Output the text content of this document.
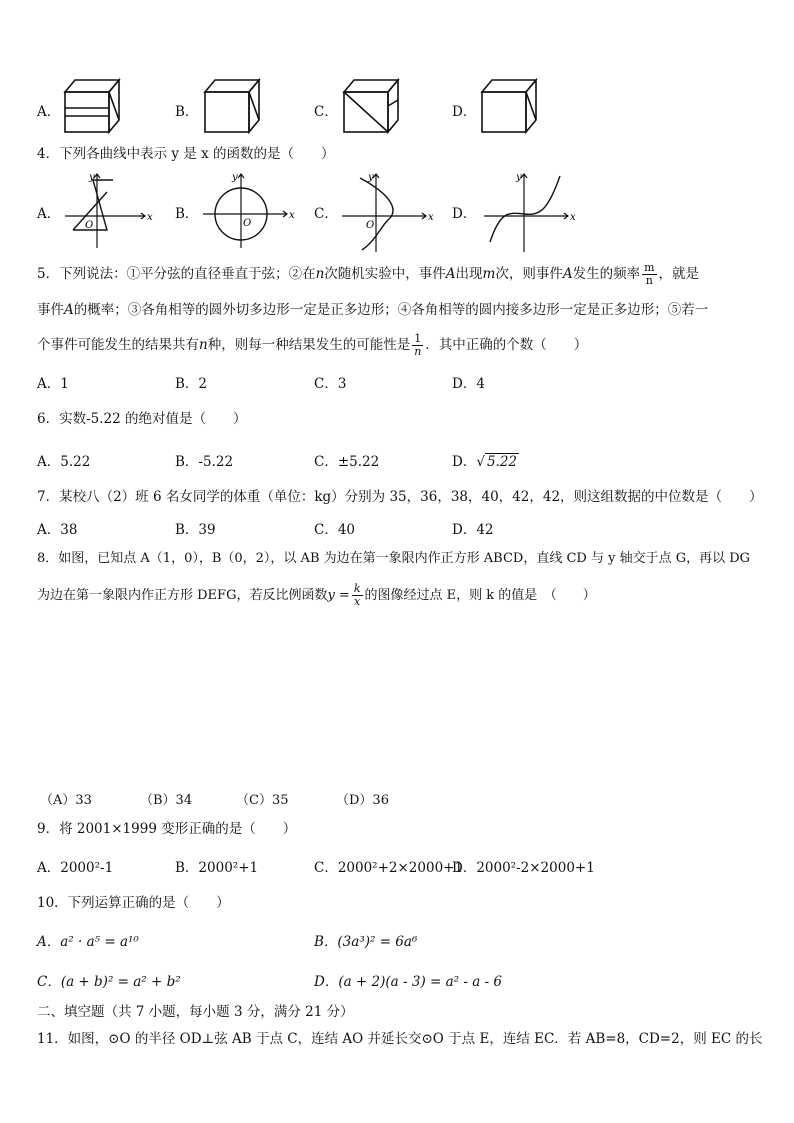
A．	B．	C．	D．
4．下列各曲线中表示 y 是 x 的函数的是（　　）
A．	x
y
O
B．	x
y
O
C．	x
y
O
D．	x
y
5．下列说法：①平分弦的直径垂直于弦；②在n次随机实验中，事件A出现m次，则事件A发生的频率 $\frac{m}{n}$ ，就是
事件A的概率；③各角相等的圆外切多边形一定是正多边形；④各角相等的圆内接多边形一定是正多边形；⑤若一
个事件可能发生的结果共有n种，则每一种结果发生的可能性是 $\frac{1}{n}$ ．其中正确的个数（　　）
A．1	B．2	C．3	D．4
6．实数-5.22 的绝对值是（　　）
A．5.22	B．-5.22	C．±5.22	D．√ 5.22
7．某校八（2）班 6 名女同学的体重（单位：kg）分别为 35，36，38，40，42，42，则这组数据的中位数是（　　）
A．38	B．39	C．40	D．42
8．如图，已知点 A（1，0），B（0，2），以 AB 为边在第一象限内作正方形 ABCD，直线 CD 与 y 轴交于点 G，再以 DG
为边在第一象限内作正方形 DEFG，若反比例函数$y = \frac{k}{x}$ 的图像经过点 E，则 k 的值是　（　　）
（A）33	（B）34	（C）35	（D）36
9．将 2001×1999 变形正确的是（　　）
A．2000²-1	B．2000²+1	C．2000²+2×2000+1
D．2000²-2×2000+1
10．下列运算正确的是（　　）
A．a² · a⁵ = a¹⁰	B．(3a³)² = 6a⁶
C．(a + b)² = a² + b²	D．(a + 2)(a - 3) = a² - a - 6
二、填空题（共 7 小题，每小题 3 分，满分 21 分）
11．如图，⊙O 的半径 OD⊥弦 AB 于点 C，连结 AO 并延长交⊙O 于点 E，连结 EC．若 AB=8，CD=2，则 EC 的长
